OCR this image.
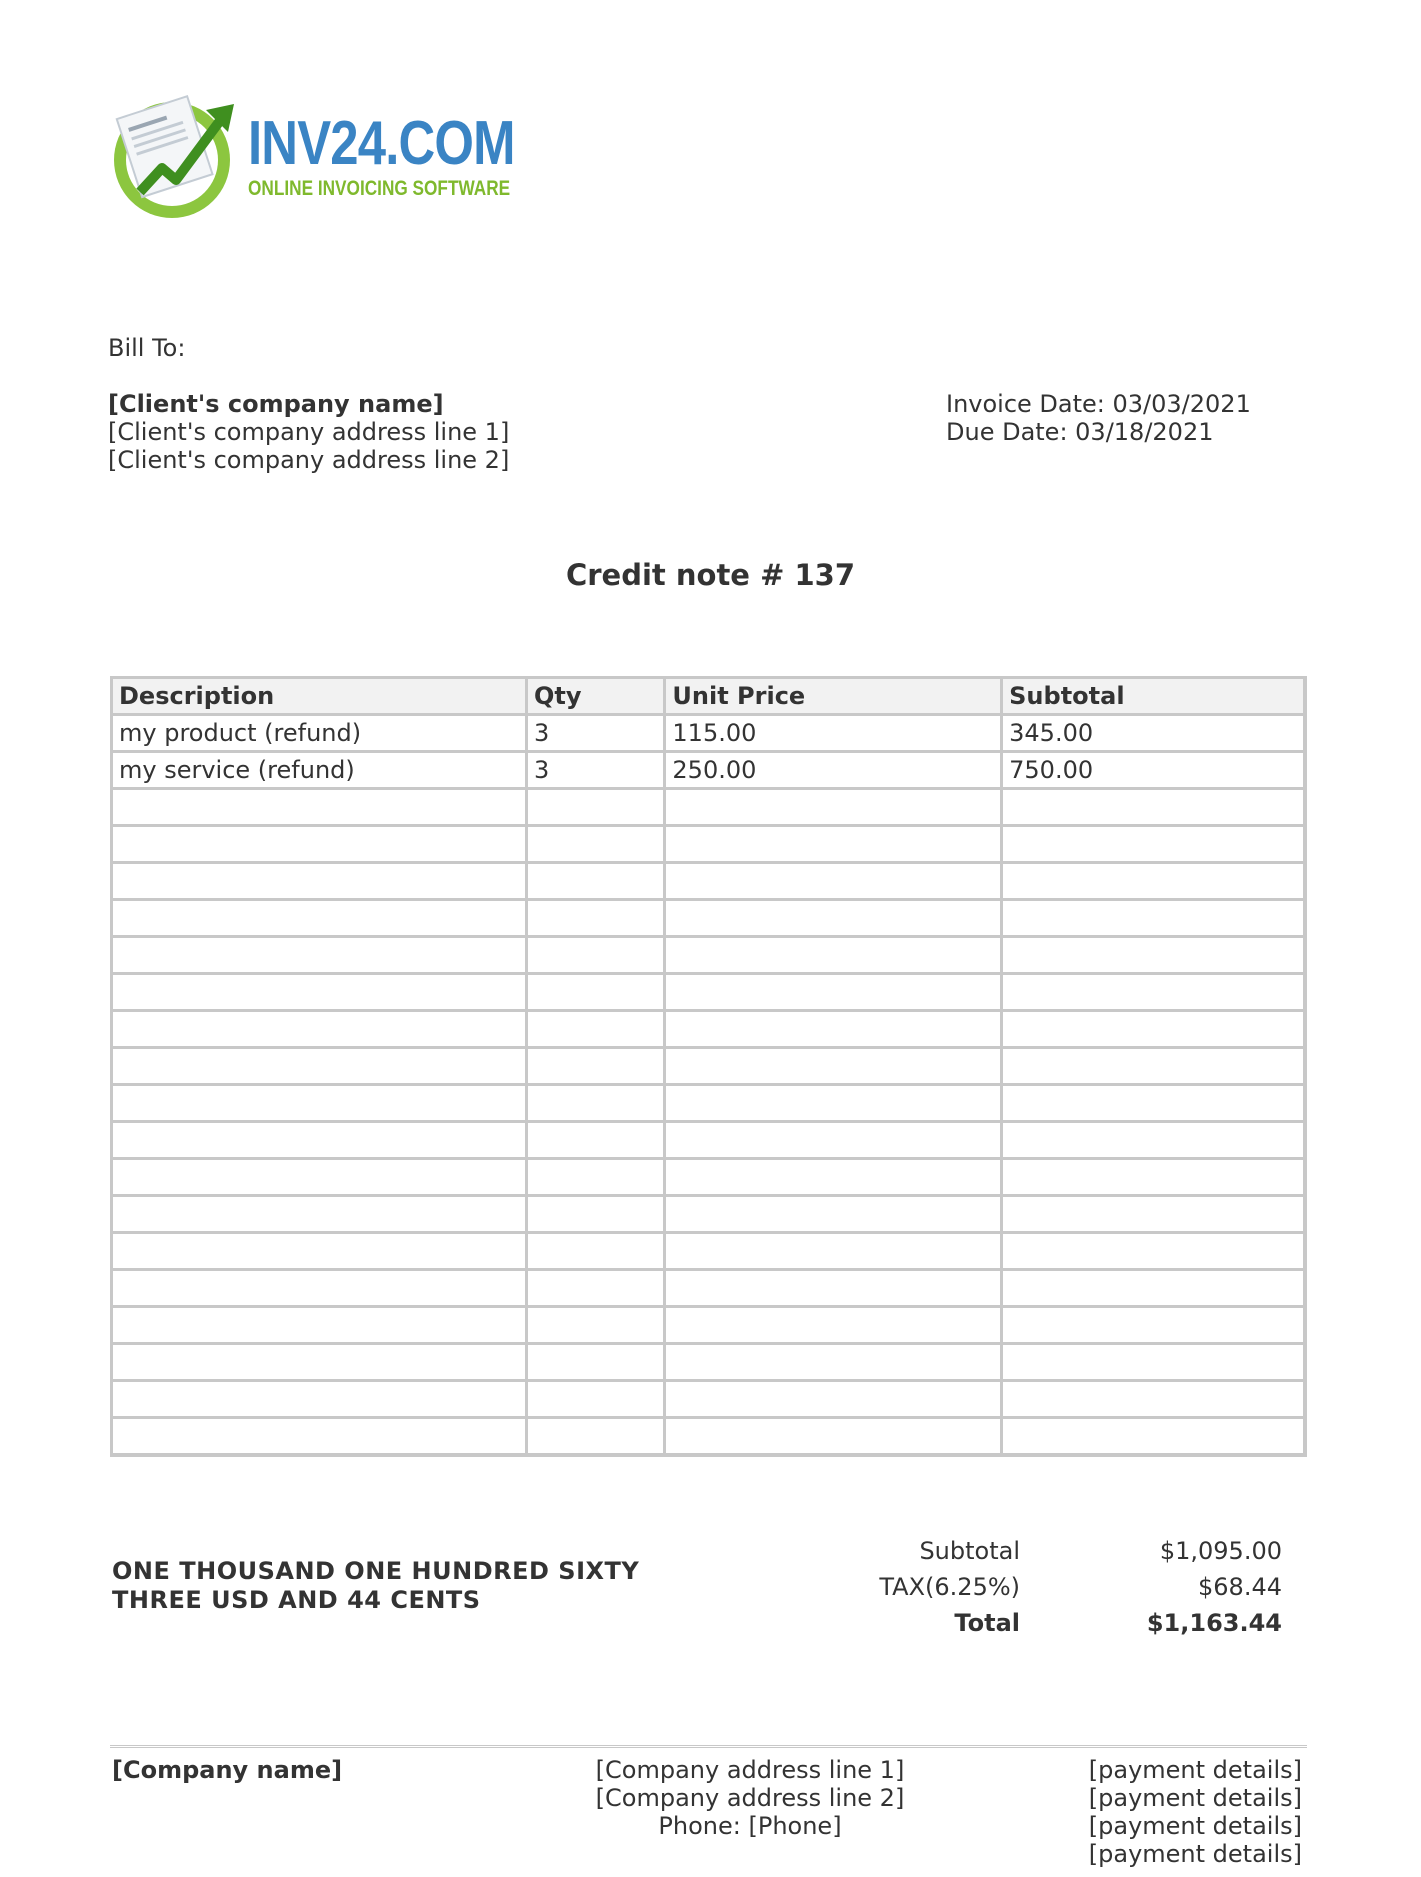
INV24.COM
ONLINE INVOICING SOFTWARE
Bill To:
[Client's company name]
[Client's company address line 1]
[Client's company address line 2]
Invoice Date: 03/03/2021
Due Date: 03/18/2021
Credit note # 137
Description	Qty	Unit Price	Subtotal
my product (refund)	3	115.00	345.00
my service (refund)	3	250.00	750.00

ONE THOUSAND ONE HUNDRED SIXTY
THREE USD AND 44 CENTS
Subtotal	$1,095.00
TAX(6.25%)	$68.44
Total	$1,163.44
[Company name]	[Company address line 1]
[Company address line 2]
Phone: [Phone]
[payment details]
[payment details]
[payment details]
[payment details]
